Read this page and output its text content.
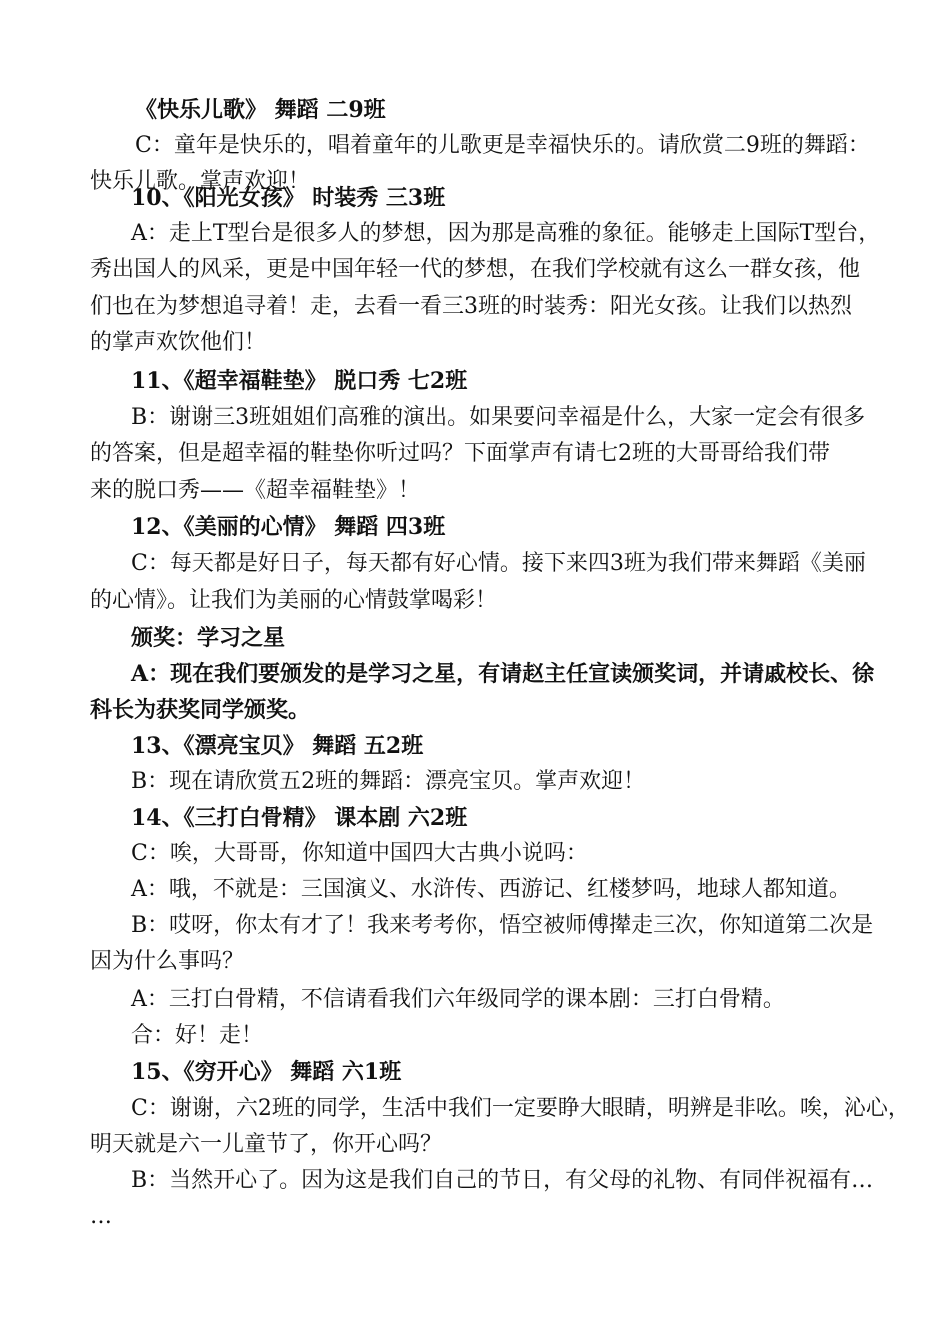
《快乐儿歌》 舞蹈 二9班
C：童年是快乐的，唱着童年的儿歌更是幸福快乐的。请欣赏二9班的舞蹈：
快乐儿歌。掌声欢迎！
10、《阳光女孩》 时装秀 三3班
A：走上T型台是很多人的梦想，因为那是高雅的象征。能够走上国际T型台，
秀出国人的风采，更是中国年轻一代的梦想，在我们学校就有这么一群女孩，他
们也在为梦想追寻着！走，去看一看三3班的时装秀：阳光女孩。让我们以热烈
的掌声欢饮他们！
11、《超幸福鞋垫》 脱口秀 七2班
B：谢谢三3班姐姐们高雅的演出。如果要问幸福是什么，大家一定会有很多
的答案，但是超幸福的鞋垫你听过吗？下面掌声有请七2班的大哥哥给我们带
来的脱口秀——《超幸福鞋垫》！
12、《美丽的心情》 舞蹈 四3班
C：每天都是好日子，每天都有好心情。接下来四3班为我们带来舞蹈《美丽
的心情》。让我们为美丽的心情鼓掌喝彩！
颁奖：学习之星
A：现在我们要颁发的是学习之星，有请赵主任宣读颁奖词，并请戚校长、徐
科长为获奖同学颁奖。
13、《漂亮宝贝》 舞蹈 五2班
B：现在请欣赏五2班的舞蹈：漂亮宝贝。掌声欢迎！
14、《三打白骨精》 课本剧 六2班
C：唉，大哥哥，你知道中国四大古典小说吗：
A：哦，不就是：三国演义、水浒传、西游记、红楼梦吗，地球人都知道。
B：哎呀，你太有才了！我来考考你，悟空被师傅撵走三次，你知道第二次是
因为什么事吗？
A：三打白骨精，不信请看我们六年级同学的课本剧：三打白骨精。
合：好！走！
15、《穷开心》 舞蹈 六1班
C：谢谢，六2班的同学，生活中我们一定要睁大眼睛，明辨是非吆。唉，沁心，
明天就是六一儿童节了，你开心吗？
B：当然开心了。因为这是我们自己的节日，有父母的礼物、有同伴祝福有…
…
